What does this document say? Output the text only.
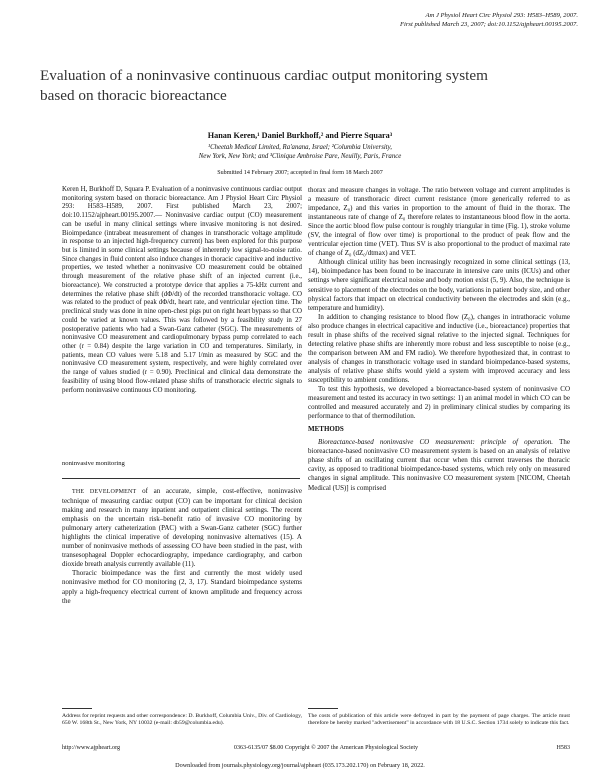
Am J Physiol Heart Circ Physiol 293: H583–H589, 2007.
First published March 23, 2007; doi:10.1152/ajpheart.00195.2007.
Evaluation of a noninvasive continuous cardiac output monitoring system
based on thoracic bioreactance
Hanan Keren,¹ Daniel Burkhoff,² and Pierre Squara³
¹Cheetah Medical Limited, Ra'anana, Israel; ²Columbia University,
New York, New York; and ³Clinique Ambroise Pare, Neuilly, Paris, France
Submitted 14 February 2007; accepted in final form 18 March 2007
Keren H, Burkhoff D, Squara P. Evaluation of a noninvasive continuous cardiac output monitoring system based on thoracic bioreactance. Am J Physiol Heart Circ Physiol 293: H583–H589, 2007. First published March 23, 2007; doi:10.1152/ajpheart.00195.2007.— Noninvasive cardiac output (CO) measurement can be useful in many clinical settings where invasive monitoring is not desired. Bioimpedance (intrabeat measurement of changes in transthoracic voltage amplitude in response to an injected high-frequency current) has been explored for this purpose but is limited in some clinical settings because of inherently low signal-to-noise ratio. Since changes in fluid content also induce changes in thoracic capacitive and inductive properties, we tested whether a noninvasive CO measurement could be obtained through measurement of the relative phase shift of an injected current (i.e., bioreactance). We constructed a prototype device that applies a 75-kHz current and determines the relative phase shift (dΦ/dt) of the recorded transthoracic voltage. CO was related to the product of peak dΦ/dt, heart rate, and ventricular ejection time. The preclinical study was done in nine open-chest pigs put on right heart bypass so that CO could be varied at known values. This was followed by a feasibility study in 27 postoperative patients who had a Swan-Ganz catheter (SGC). The measurements of noninvasive CO measurement and cardiopulmonary bypass pump correlated to each other (r = 0.84) despite the large variation in CO and temperatures. Similarly, in patients, mean CO values were 5.18 and 5.17 l/min as measured by SGC and the noninvasive CO measurement system, respectively, and were highly correlated over the range of values studied (r = 0.90). Preclinical and clinical data demonstrate the feasibility of using blood flow-related phase shifts of transthoracic electric signals to perform noninvasive continuous CO monitoring.
noninvasive monitoring

THE DEVELOPMENT of an accurate, simple, cost-effective, noninvasive technique of measuring cardiac output (CO) can be important for clinical decision making and research in many inpatient and outpatient clinical settings. The recent emphasis on the uncertain risk–benefit ratio of invasive CO monitoring by pulmonary artery catheterization (PAC) with a Swan-Ganz catheter (SGC) further highlights the clinical imperative of developing noninvasive alternatives (15). A number of noninvasive methods of assessing CO have been studied in the past, with transesophageal Doppler echocardiography, impedance cardiography, and carbon dioxide breath analysis currently available (11).

Thoracic bioimpedance was the first and currently the most widely used noninvasive method for CO monitoring (2, 3, 17). Standard bioimpedance systems apply a high-frequency electrical current of known amplitude and frequency across the

thorax and measure changes in voltage. The ratio between voltage and current amplitudes is a measure of transthoracic direct current resistance (more generically referred to as impedance, Z₀) and this varies in proportion to the amount of fluid in the thorax. The instantaneous rate of change of Z₀ therefore relates to instantaneous blood flow in the aorta. Since the aortic blood flow pulse contour is roughly triangular in time (Fig. 1), stroke volume (SV, the integral of flow over time) is proportional to the product of peak flow and the ventricular ejection time (VET). Thus SV is also proportional to the product of maximal rate of change of Z₀ (dZ₀/dtmax) and VET.

Although clinical utility has been increasingly recognized in some clinical settings (13, 14), bioimpedance has been found to be inaccurate in intensive care units (ICUs) and other settings where significant electrical noise and body motion exist (5, 9). Also, the technique is sensitive to placement of the electrodes on the body, variations in patient body size, and other physical factors that impact on electrical conductivity between the electrodes and skin (e.g., temperature and humidity).

In addition to changing resistance to blood flow (Z₀), changes in intrathoracic volume also produce changes in electrical capacitive and inductive (i.e., bioreactance) properties that result in phase shifts of the received signal relative to the injected signal. Techniques for detecting relative phase shifts are inherently more robust and less susceptible to noise (e.g., the comparison between AM and FM radio). We therefore hypothesized that, in contrast to analysis of changes in transthoracic voltage used in standard bioimpedance-based systems, analysis of relative phase shifts would yield a system with improved accuracy and less susceptibility to ambient conditions.

To test this hypothesis, we developed a bioreactance-based system of noninvasive CO measurement and tested its accuracy in two settings: 1) an animal model in which CO can be controlled and measured accurately and 2) in preliminary clinical studies by comparing its performance to that of thermodilution.

METHODS

Bioreactance-based noninvasive CO measurement: principle of operation. The bioreactance-based noninvasive CO measurement system is based on an analysis of relative phase shifts of an oscillating current that occur when this current traverses the thoracic cavity, as opposed to traditional bioimpedance-based systems, which rely only on measured changes in signal amplitude. This noninvasive CO measurement system [NICOM, Cheetah Medical (US)] is comprised

Address for reprint requests and other correspondence: D. Burkhoff, Columbia Univ., Div. of Cardiology, 650 W. 168th St., New York, NY 10032 (e-mail: db59@columbia.edu).
The costs of publication of this article were defrayed in part by the payment of page charges. The article must therefore be hereby marked "advertisement" in accordance with 18 U.S.C. Section 1734 solely to indicate this fact.
http://www.ajpheart.org	0363-6135/07 $8.00 Copyright © 2007 the American Physiological Society	H583
Downloaded from journals.physiology.org/journal/ajpheart (035.173.202.170) on February 18, 2022.
